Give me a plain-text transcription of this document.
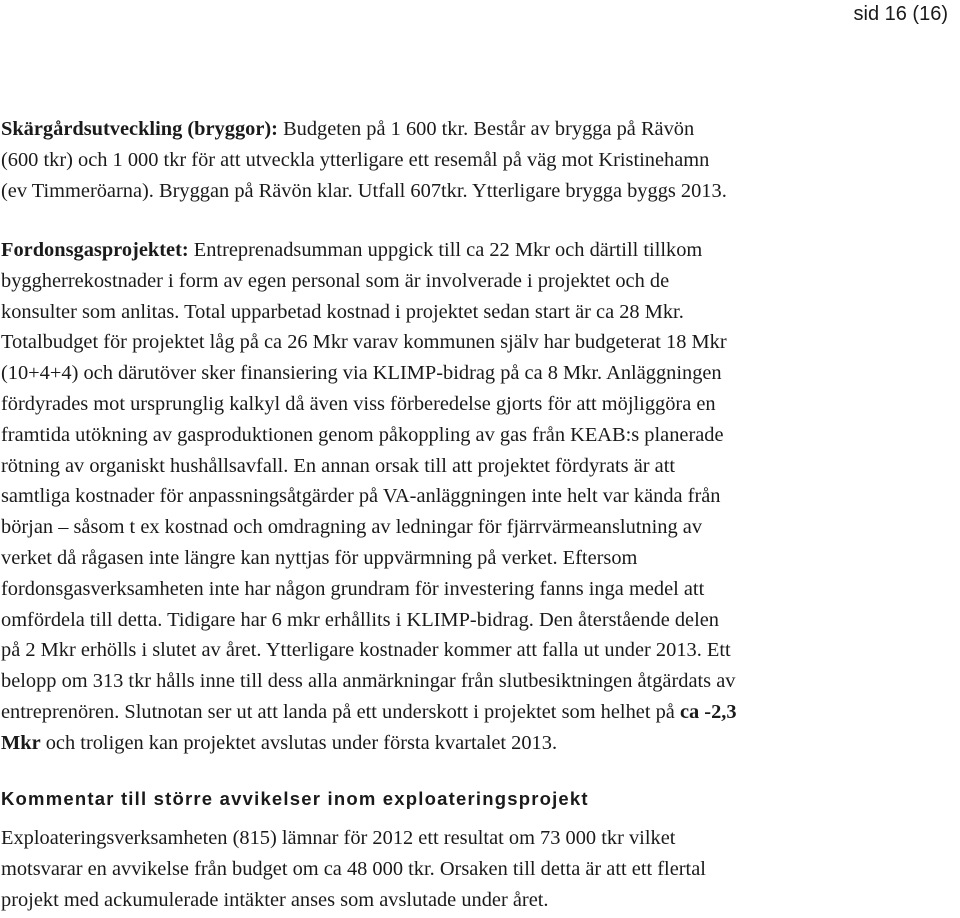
sid 16 (16)

Skärgårdsutveckling (bryggor): Budgeten på 1 600 tkr. Består av brygga på Rävön
(600 tkr) och 1 000 tkr för att utveckla ytterligare ett resemål på väg mot Kristinehamn
(ev Timmeröarna). Bryggan på Rävön klar. Utfall 607tkr. Ytterligare brygga byggs 2013.

Fordonsgasprojektet: Entreprenadsumman uppgick till ca 22 Mkr och därtill tillkom
byggherrekostnader i form av egen personal som är involverade i projektet och de
konsulter som anlitas. Total upparbetad kostnad i projektet sedan start är ca 28 Mkr.
Totalbudget för projektet låg på ca 26 Mkr varav kommunen själv har budgeterat 18 Mkr
(10+4+4) och därutöver sker finansiering via KLIMP-bidrag på ca 8 Mkr. Anläggningen
fördyrades mot ursprunglig kalkyl då även viss förberedelse gjorts för att möjliggöra en
framtida utökning av gasproduktionen genom påkoppling av gas från KEAB:s planerade
rötning av organiskt hushållsavfall. En annan orsak till att projektet fördyrats är att
samtliga kostnader för anpassningsåtgärder på VA-anläggningen inte helt var kända från
början – såsom t ex kostnad och omdragning av ledningar för fjärrvärmeanslutning av
verket då rågasen inte längre kan nyttjas för uppvärmning på verket. Eftersom
fordonsgasverksamheten inte har någon grundram för investering fanns inga medel att
omfördela till detta. Tidigare har 6 mkr erhållits i KLIMP-bidrag. Den återstående delen
på 2 Mkr erhölls i slutet av året. Ytterligare kostnader kommer att falla ut under 2013. Ett
belopp om 313 tkr hålls inne till dess alla anmärkningar från slutbesiktningen åtgärdats av
entreprenören. Slutnotan ser ut att landa på ett underskott i projektet som helhet på ca -2,3
Mkr och troligen kan projektet avslutas under första kvartalet 2013.

Kommentar till större avvikelser inom exploateringsprojekt

Exploateringsverksamheten (815) lämnar för 2012 ett resultat om 73 000 tkr vilket
motsvarar en avvikelse från budget om ca 48 000 tkr. Orsaken till detta är att ett flertal
projekt med ackumulerade intäkter anses som avslutade under året.
